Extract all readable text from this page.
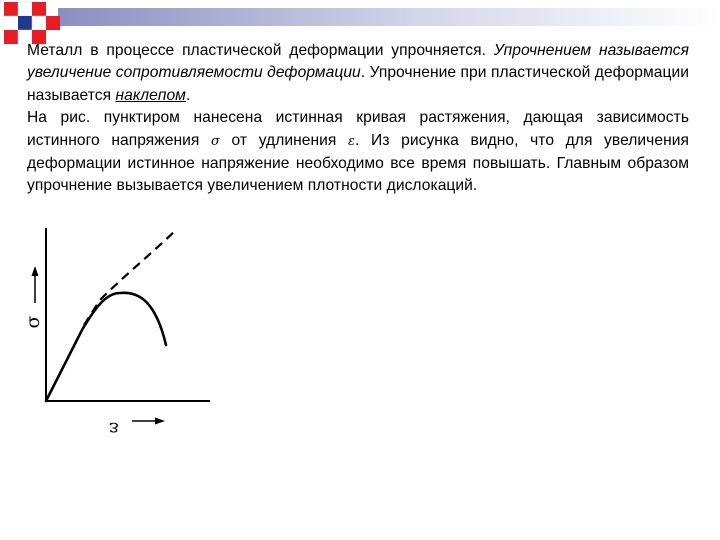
Металл в процессе пластической деформации упрочняется. Упрочнением называется увеличение сопротивляемости деформации. Упрочнение при пластической деформации называется наклепом.

На рис. пунктиром нанесена истинная кривая растяжения, дающая зависимость истинного напряжения σ от удлинения ε. Из рисунка видно, что для увеличения деформации истинное напряжение необходимо все время повышать. Главным образом упрочнение вызывается увеличением плотности дислокаций.

σ
ε
